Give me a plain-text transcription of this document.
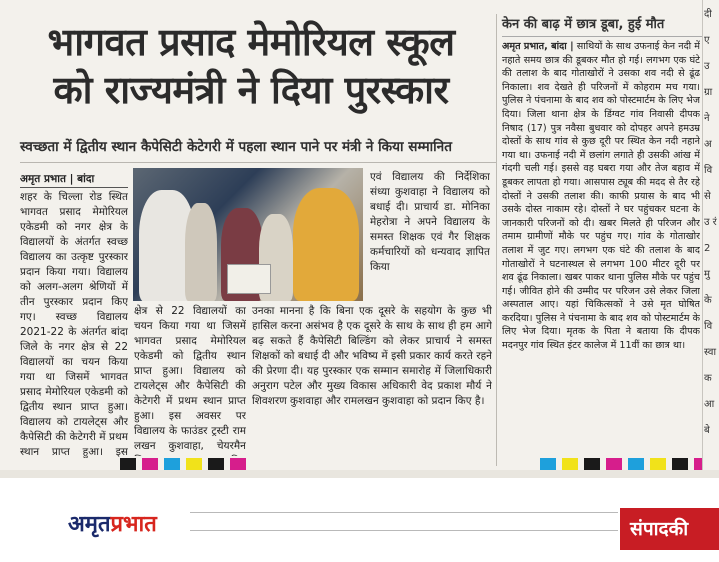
भागवत प्रसाद मेमोरियल स्कूल
को राज्यमंत्री ने दिया पुरस्कार
स्वच्छता में द्वितीय स्थान कैपेसिटी केटेगरी में पहला स्थान पाने पर मंत्री ने किया सम्मानित

अमृत प्रभात | बांदा

शहर के चिल्ला रोड स्थित भागवत प्रसाद मेमोरियल एकेडमी को नगर क्षेत्र के विद्यालयों के अंतर्गत स्वच्छ विद्यालय का उत्कृष्ट पुरस्कार प्रदान किया गया। विद्यालय को अलग-अलग श्रेणियों में तीन पुरस्कार प्रदान किए

एवं विद्यालय की निर्देशिका संध्या कुशवाहा ने विद्यालय को बधाई दी। प्राचार्य डा. मोनिका मेहरोत्रा ने अपने विद्यालय के समस्त शिक्षक एवं गैर शिक्षक कर्मचारियों को धन्यवाद ज्ञापित किया

क्षेत्र से 22 विद्यालयों का चयन किया गया था जिसमें भागवत प्रसाद मेमोरियल एकेडमी को द्वितीय स्थान प्राप्त हुआ। विद्यालय को टायलेट्स और कैपेसिटी की केटेगरी में प्रथम स्थान प्राप्त हुआ। इस अवसर पर विद्यालय के फाउंडर ट्रस्टी राम लखन कुशवाहा, चेयरमैन

उनका मानना है कि बिना एक दूसरे के सहयोग के कुछ भी हासिल करना असंभव है एक दूसरे के साथ के साथ ही हम आगे बढ़ सकते हैं कैपेसिटी बिल्डिंग को लेकर प्राचार्य ने समस्त शिक्षकों को बधाई दी और भविष्य में इसी प्रकार कार्य करते रहने की प्रेरणा दी। यह पुरस्कार एक सम्मान समारोह में जिलाधिकारी अनुराग पटेल और मुख्य विकास अधिकारी वेद प्रकाश मौर्य ने शिवशरण कुशवाहा और रामलखन कुशवाहा को प्रदान किए है।

गए। स्वच्छ विद्यालय 2021-22 के अंतर्गत बांदा जिले के नगर क्षेत्र से 22 विद्यालयों का चयन किया गया था जिसमें भागवत प्रसाद मेमोरियल एकेडमी को द्वितीय स्थान प्राप्त हुआ। विद्यालय को टायलेट्स और कैपेसिटी की केटेगरी में प्रथम स्थान प्राप्त हुआ। इस

केन की बाढ़ में छात्र डूबा, हुई मौत

अमृत प्रभात, बांदा | साथियों के साथ उफनाई केन नदी में नहाते समय छात्र की डूबकर मौत हो गई। लगभग एक घंटे की तलाश के बाद गोताखोरों ने उसका शव नदी से ढूंढ निकाला। शव देखते ही परिजनों में कोहराम मच गया। पुलिस ने पंचनामा के बाद शव को पोस्टमार्टम के लिए भेज दिया। जिला थाना क्षेत्र के डिंग्वट गांव निवासी दीपक निषाद (17) पुत्र नवैसा बुधवार को दोपहर अपने हमउम्र दोस्तों के साथ गांव से कुछ दूरी पर स्थित केन नदी नहाने गया था। उफनाई नदी में छलांग लगाते ही उसकी आंख में गंदगी चली गई। इससे वह घबरा गया और तेज बहाव में डूबकर लापता हो गया। आसपास ट्यूब की मदद से तैर रहे दोस्तों ने उसकी तलाश की। काफी प्रयास के बाद भी उसके दोस्त नाकाम रहे। दोस्तों ने घर पहुंचकर घटना के जानकारी परिजनों को दी। खबर मिलते ही परिजन और तमाम ग्रामीणों मौके पर पहुंच गए। गांव के गोताखोर तलाश में जुट गए। लगभग एक घंटे की तलाश के बाद गोताखोरों ने घटनास्थल से लगभग 100 मीटर दूरी पर शव ढूंढ निकाला। खबर पाकर थाना पुलिस मौके पर पहुंच गई। जीवित होने की उम्मीद पर परिजन उसे लेकर जिला अस्पताल आए। यहां चिकित्सकों ने उसे मृत घोषित करदिया। पुलिस ने पंचनामा के बाद शव को पोस्टमार्टम के लिए भेज दिया। मृतक के पिता ने बताया कि दीपक मदनपुर गांव स्थित इंटर कालेज में 11वीं का छात्र था।

दी ए उ ग्रा ने अ वि से उ रं 2 मु के वि स्वा क आ बे
अमृतप्रभात	संपादकी
